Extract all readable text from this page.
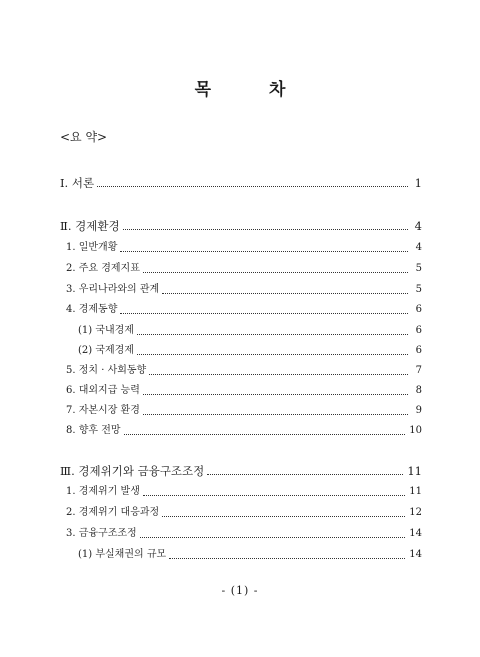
목 차
<요 약>
Ⅰ. 서론	1
Ⅱ. 경제환경	4
1. 일반개황	4
2. 주요 경제지표	5
3. 우리나라와의 관계	5
4. 경제동향	6
(1) 국내경제	6
(2) 국제경제	6
5. 정치 · 사회동향	7
6. 대외지급 능력	8
7. 자본시장 환경	9
8. 향후 전망	10
Ⅲ. 경제위기와 금융구조조정	11
1. 경제위기 발생	11
2. 경제위기 대응과정	12
3. 금융구조조정	14
(1) 부실채권의 규모	14
- (1) -
